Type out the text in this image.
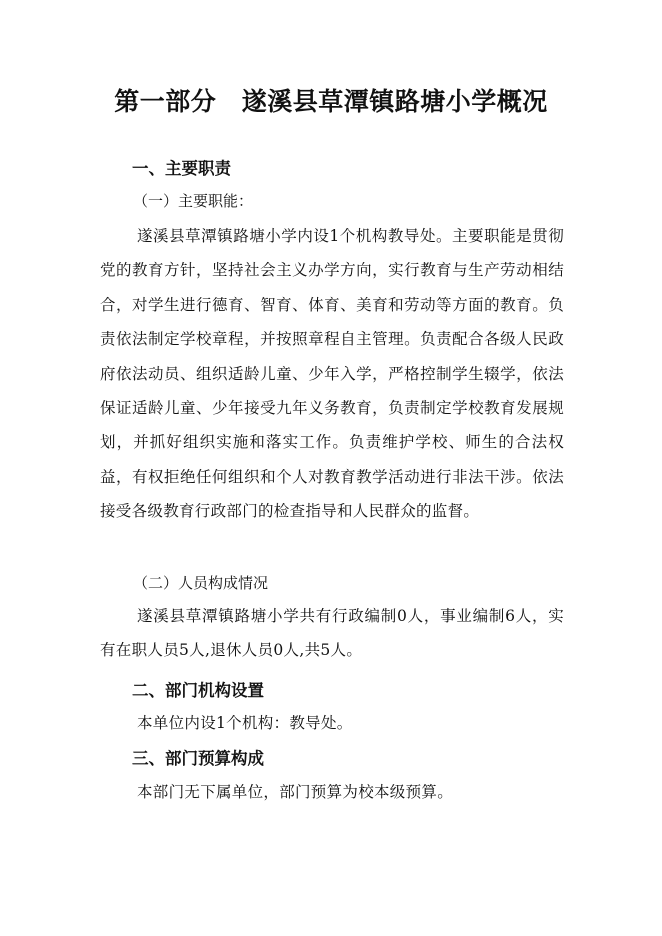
第一部分　遂溪县草潭镇路塘小学概况
一、主要职责
（一）主要职能：
遂溪县草潭镇路塘小学内设1个机构教导处。主要职能是贯彻党的教育方针，坚持社会主义办学方向，实行教育与生产劳动相结合，对学生进行德育、智育、体育、美育和劳动等方面的教育。负责依法制定学校章程，并按照章程自主管理。负责配合各级人民政府依法动员、组织适龄儿童、少年入学，严格控制学生辍学，依法保证适龄儿童、少年接受九年义务教育，负责制定学校教育发展规划，并抓好组织实施和落实工作。负责维护学校、师生的合法权益，有权拒绝任何组织和个人对教育教学活动进行非法干涉。依法接受各级教育行政部门的检查指导和人民群众的监督。
（二）人员构成情况
遂溪县草潭镇路塘小学共有行政编制0人，事业编制6人，实有在职人员5人,退休人员0人,共5人。
二、部门机构设置
本单位内设1个机构：教导处。
三、部门预算构成
本部门无下属单位，部门预算为校本级预算。
